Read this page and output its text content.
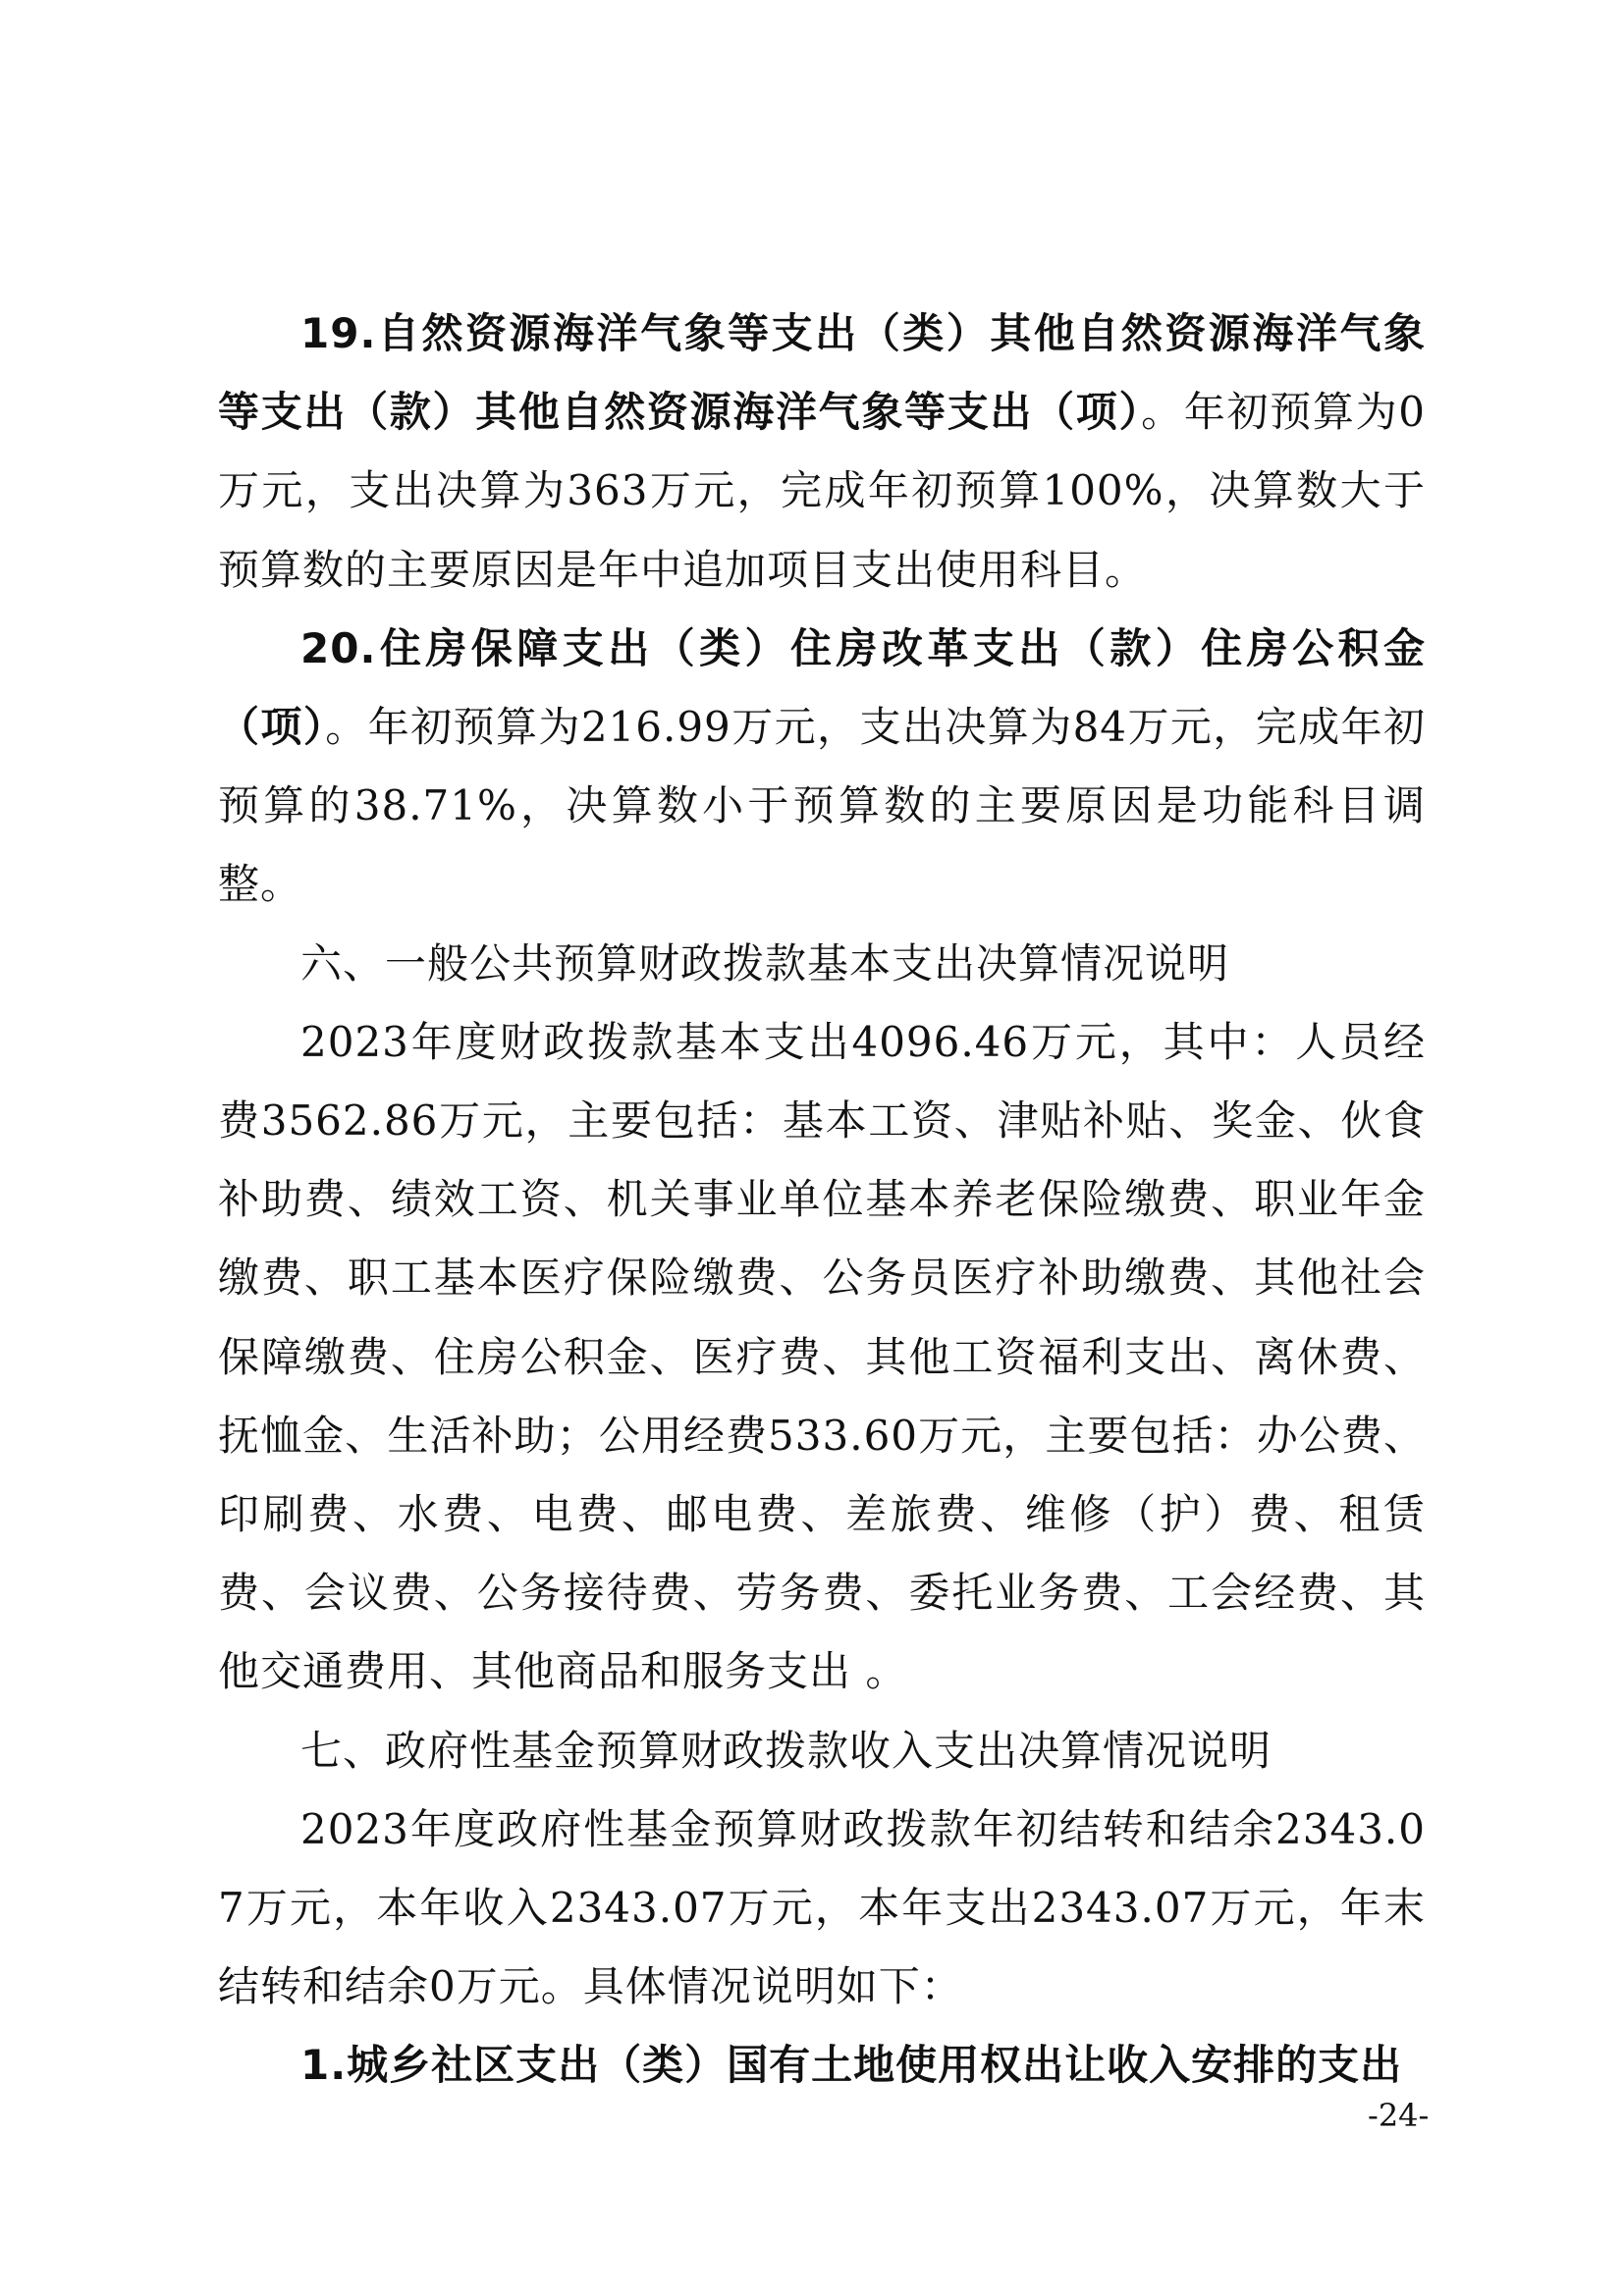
19.自然资源海洋气象等支出（类）其他自然资源海洋气象等支出（款）其他自然资源海洋气象等支出（项）。年初预算为0万元，支出决算为363万元，完成年初预算100%，决算数大于预算数的主要原因是年中追加项目支出使用科目。

20.住房保障支出（类）住房改革支出（款）住房公积金（项）。年初预算为216.99万元，支出决算为84万元，完成年初预算的38.71%，决算数小于预算数的主要原因是功能科目调整。

六、一般公共预算财政拨款基本支出决算情况说明

2023年度财政拨款基本支出4096.46万元，其中：人员经费3562.86万元，主要包括：基本工资、津贴补贴、奖金、伙食补助费、绩效工资、机关事业单位基本养老保险缴费、职业年金缴费、职工基本医疗保险缴费、公务员医疗补助缴费、其他社会保障缴费、住房公积金、医疗费、其他工资福利支出、离休费、抚恤金、生活补助；公用经费533.60万元，主要包括：办公费、印刷费、水费、电费、邮电费、差旅费、维修（护）费、租赁费、会议费、公务接待费、劳务费、委托业务费、工会经费、其他交通费用、其他商品和服务支出 。

七、政府性基金预算财政拨款收入支出决算情况说明

2023年度政府性基金预算财政拨款年初结转和结余2343.07万元，本年收入2343.07万元，本年支出2343.07万元，年末结转和结余0万元。具体情况说明如下：

1.城乡社区支出（类）国有土地使用权出让收入安排的支出

-24-
